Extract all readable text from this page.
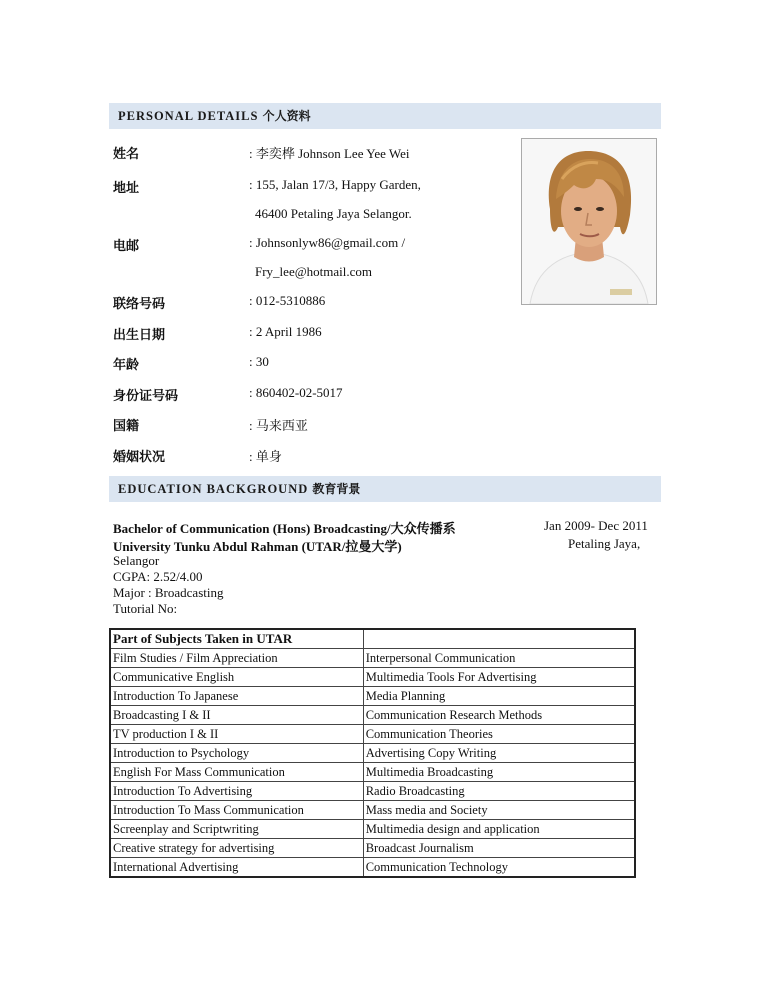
PERSONAL DETAILS 个人资料
姓名	: 李奕桦 Johnson Lee Yee Wei
地址	: 155, Jalan 17/3, Happy Garden,
46400 Petaling Jaya Selangor.
电邮	: Johnsonlyw86@gmail.com /
Fry_lee@hotmail.com
联络号码	: 012-5310886
出生日期	: 2 April 1986
年龄	: 30
身份证号码	: 860402-02-5017
国籍	: 马来西亚
婚姻状况	: 单身
EDUCATION BACKGROUND 教育背景
Bachelor of Communication (Hons) Broadcasting/大众传播系	Jan 2009- Dec 2011
University Tunku Abdul Rahman (UTAR/拉曼大学)	Petaling Jaya,
Selangor
CGPA: 2.52/4.00
Major : Broadcasting
Tutorial No:
Part of Subjects Taken in UTAR	
Film Studies / Film Appreciation	Interpersonal Communication
Communicative English	Multimedia Tools For Advertising
Introduction To Japanese	Media Planning
Broadcasting I & II	Communication Research Methods
TV production I & II	Communication Theories
Introduction to Psychology	Advertising Copy Writing
English For Mass Communication	Multimedia Broadcasting
Introduction To Advertising	Radio Broadcasting
Introduction To Mass Communication	Mass media and Society
Screenplay and Scriptwriting	Multimedia design and application
Creative strategy for advertising	Broadcast Journalism
International Advertising	Communication Technology
